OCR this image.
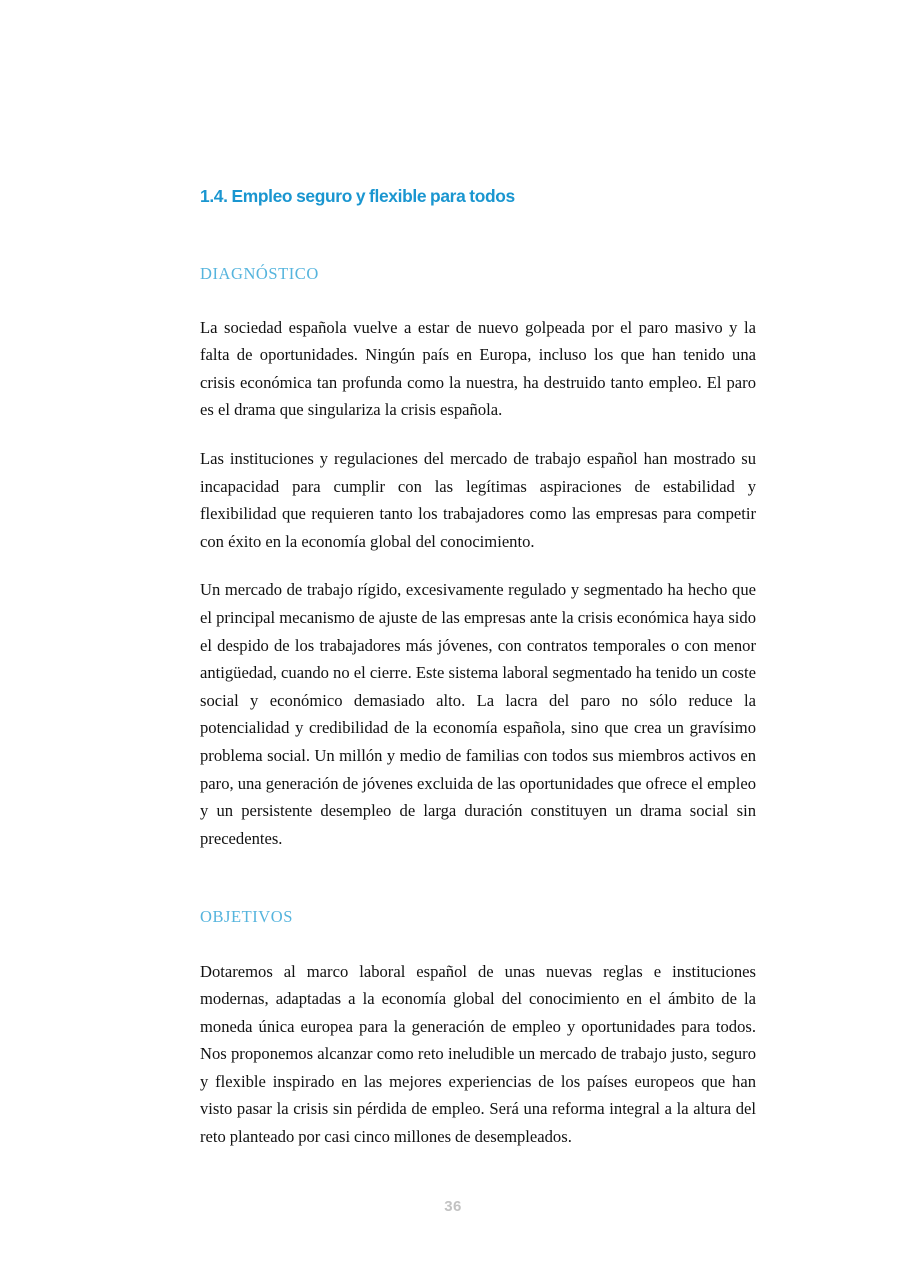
1.4. Empleo seguro y flexible para todos
DIAGNÓSTICO

La sociedad española vuelve a estar de nuevo golpeada por el paro masivo y la falta de oportunidades. Ningún país en Europa, incluso los que han tenido una crisis económica tan profunda como la nuestra, ha destruido tanto empleo. El paro es el drama que singulariza la crisis española.

Las instituciones y regulaciones del mercado de trabajo español han mostrado su incapacidad para cumplir con las legítimas aspiraciones de estabilidad y flexibilidad que requieren tanto los trabajadores como las empresas para competir con éxito en la economía global del conocimiento.

Un mercado de trabajo rígido, excesivamente regulado y segmentado ha hecho que el principal mecanismo de ajuste de las empresas ante la crisis económica haya sido el despido de los trabajadores más jóvenes, con contratos temporales o con menor antigüedad, cuando no el cierre. Este sistema laboral segmentado ha tenido un coste social y económico demasiado alto. La lacra del paro no sólo reduce la potencialidad y credibilidad de la economía española, sino que crea un gravísimo problema social. Un millón y medio de familias con todos sus miembros activos en paro, una generación de jóvenes excluida de las oportunidades que ofrece el empleo y un persistente desempleo de larga duración constituyen un drama social sin precedentes.

OBJETIVOS

Dotaremos al marco laboral español de unas nuevas reglas e instituciones modernas, adaptadas a la economía global del conocimiento en el ámbito de la moneda única europea para la generación de empleo y oportunidades para todos. Nos proponemos alcanzar como reto ineludible un mercado de trabajo justo, seguro y flexible inspirado en las mejores experiencias de los países europeos que han visto pasar la crisis sin pérdida de empleo. Será una reforma integral a la altura del reto planteado por casi cinco millones de desempleados.

36
